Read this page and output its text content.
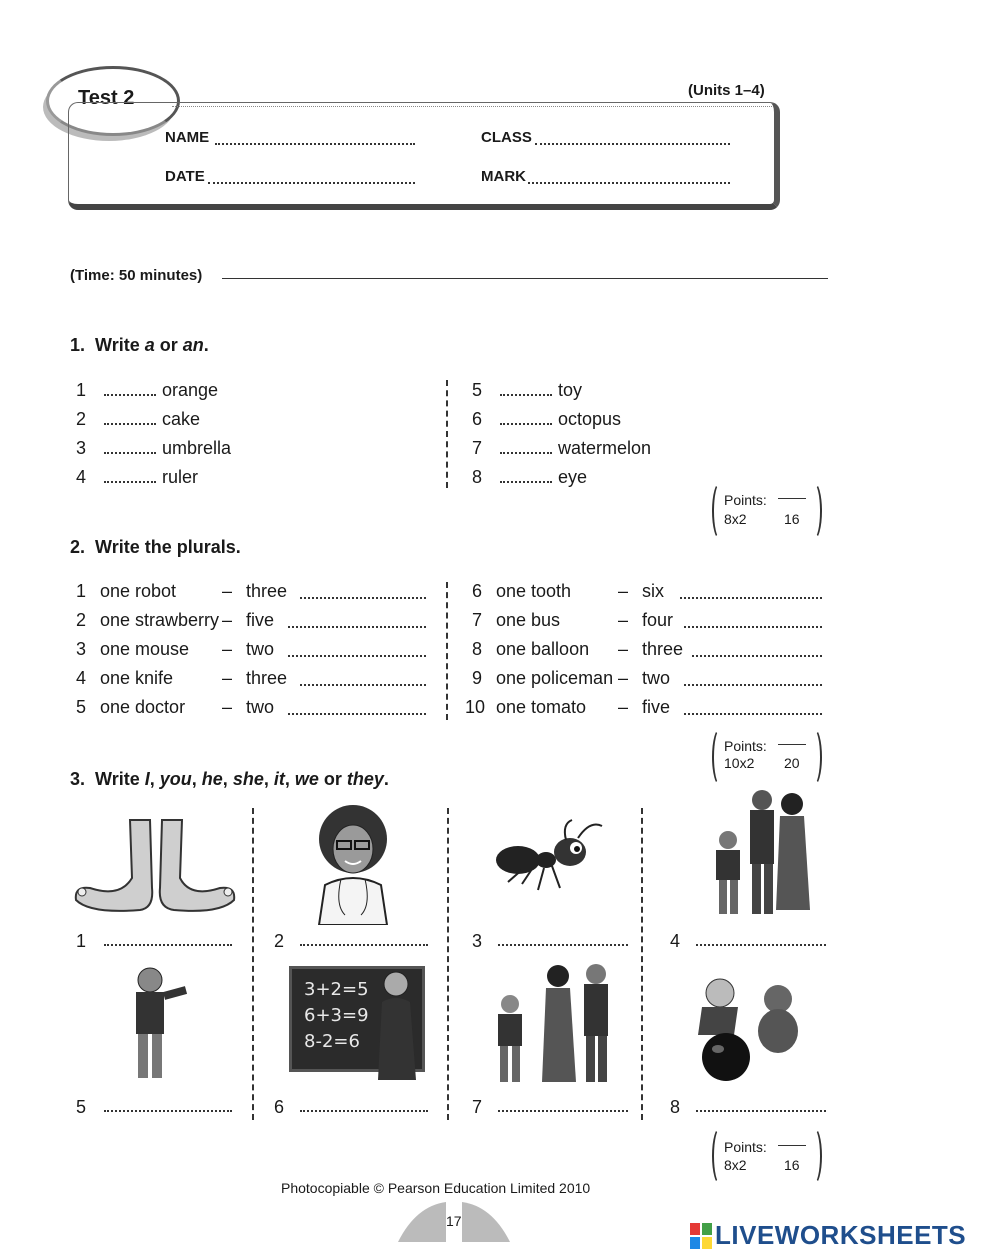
Test 2	(Units 1–4)
NAME	CLASS
DATE	MARK
(Time: 50 minutes)
1. Write a or an.
1	orange
2	cake
3	umbrella
4	ruler
5	toy
6	octopus
7	watermelon
8	eye
Points:
8x2	16
2. Write the plurals.
1 one robot	– three
2 one strawberry – five
3 one mouse – two
4 one knife	– three
5 one doctor – two
6 one tooth	– six
7 one bus	– four
8 one balloon – three
9 one policeman – two
10 one tomato – five
Points:
10x2 20
3. Write I, you, he, she, it, we or they.
1	2	3	4
5
3+2=5
6+3=9
8-2=6
6	7	8
Points:
8x2	16
Photocopiable © Pearson Education Limited 2010
17	LIVEWORKSHEETS
